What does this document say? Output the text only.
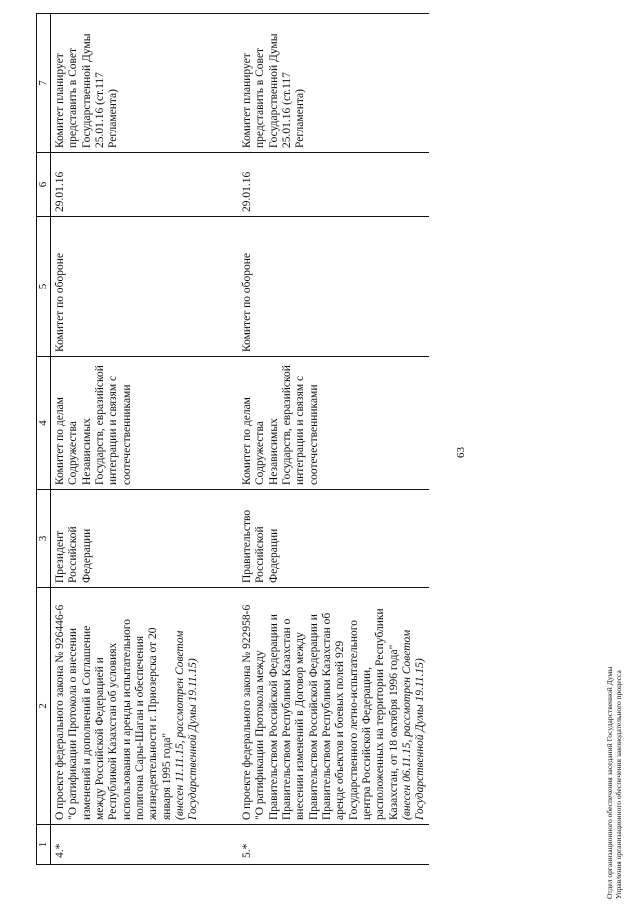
63
1	2	3	4	5	6	7
4.*	О проекте федерального закона № 926446-6 "О ратификации Протокола о внесении изменений и дополнений в Соглашение между Российской Федерацией и Республикой Казахстан об условиях использования и аренды испытательного полигона Сары-Шаган и обеспечения жизнедеятельности г. Приозерска от 20 января 1995 года" (внесен 11.11.15, рассмотрен Советом Государственной Думы 19.11.15)	Президент Российской Федерации	Комитет по делам Содружества Независимых Государств, евразийской интеграции и связям с соотечественниками	Комитет по обороне	29.01.16	Комитет планирует представить в Совет Государственной Думы 25.01.16 (ст.117 Регламента)
5.*	О проекте федерального закона № 922958-6 "О ратификации Протокола между Правительством Российской Федерации и Правительством Республики Казахстан о внесении изменений в Договор между Правительством Российской Федерации и Правительством Республики Казахстан об аренде объектов и боевых полей 929 Государственного летно-испытательного центра Российской Федерации, расположенных на территории Республики Казахстан, от 18 октября 1996 года" (внесен 06.11.15, рассмотрен Советом Государственной Думы 19.11.15)	Правительство Российской Федерации	Комитет по делам Содружества Независимых Государств, евразийской интеграции и связям с соотечественниками	Комитет по обороне	29.01.16	Комитет планирует представить в Совет Государственной Думы 25.01.16 (ст.117 Регламента)
Отдел организационного обеспечения заседаний Государственной Думы Управления организационного обеспечения законодательного процесса
